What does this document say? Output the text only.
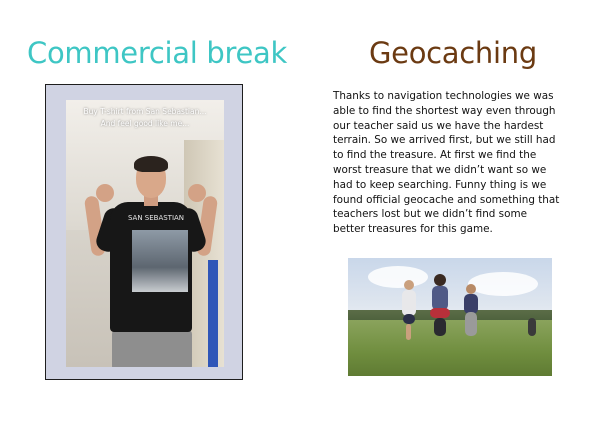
Commercial break	Geocaching
SAN SEBASTIAN
Buy T-shirt from San Sebastian...
And feel good like me...
Thanks to navigation technologies we was
able to find the shortest way even through
our teacher said us we have the hardest
terrain. So we arrived first, but we still had
to find the treasure. At first we find the
worst treasure that we didn’t want so we
had to keep searching. Funny thing is we
found official geocache and something that
teachers lost but we didn’t find some
better treasures for this game.
